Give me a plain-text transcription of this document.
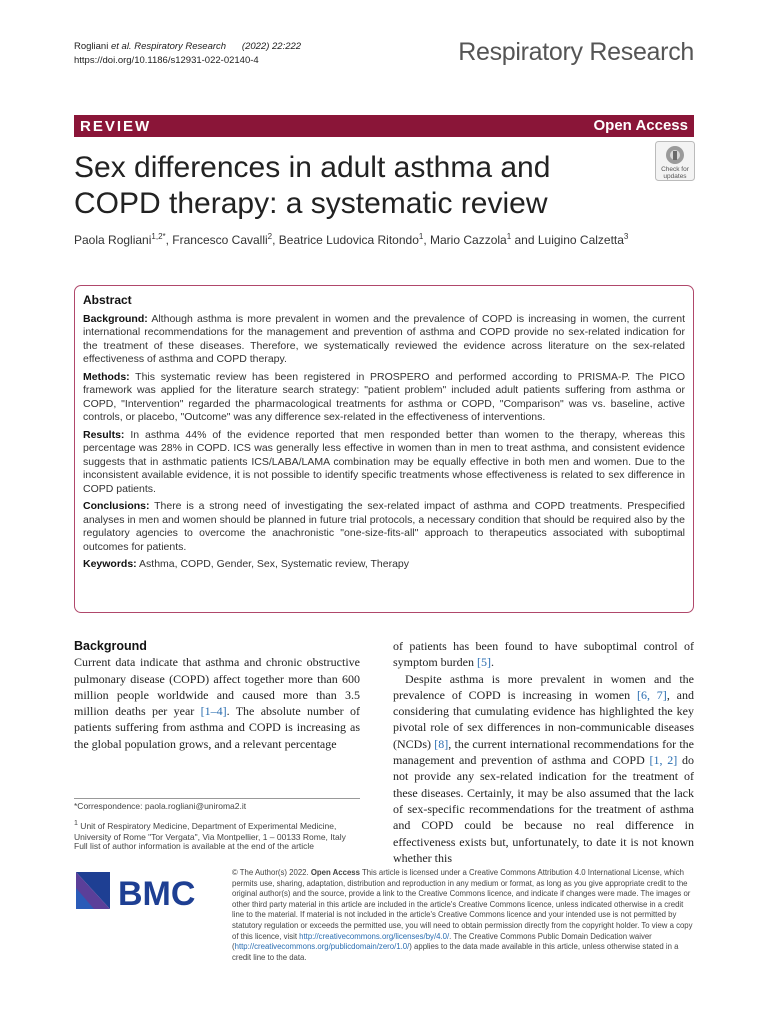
Rogliani et al. Respiratory Research (2022) 22:222
https://doi.org/10.1186/s12931-022-02140-4	Respiratory Research
REVIEW	Open Access
Sex differences in adult asthma and COPD therapy: a systematic review
Check for
updates
Paola Rogliani$^{1,2*}$, Francesco Cavalli$^2$, Beatrice Ludovica Ritondo$^1$, Mario Cazzola$^1$ and Luigino Calzetta$^3$
Abstract

Background: Although asthma is more prevalent in women and the prevalence of COPD is increasing in women, the current international recommendations for the management and prevention of asthma and COPD provide no sex-related indication for the treatment of these diseases. Therefore, we systematically reviewed the evidence across literature on the sex-related effectiveness of asthma and COPD therapy.

Methods: This systematic review has been registered in PROSPERO and performed according to PRISMA-P. The PICO framework was applied for the literature search strategy: "patient problem" included adult patients suffering from asthma or COPD, "Intervention" regarded the pharmacological treatments for asthma or COPD, "Comparison" was vs. baseline, active controls, or placebo, "Outcome" was any difference sex-related in the effectiveness of interventions.

Results: In asthma 44% of the evidence reported that men responded better than women to the therapy, whereas this percentage was 28% in COPD. ICS was generally less effective in women than in men to treat asthma, and consistent evidence suggests that in asthmatic patients ICS/LABA/LAMA combination may be equally effective in both men and women. Due to the inconsistent available evidence, it is not possible to identify specific treatments whose effectiveness is related to sex difference in COPD patients.

Conclusions: There is a strong need of investigating the sex-related impact of asthma and COPD treatments. Prespecified analyses in men and women should be planned in future trial protocols, a necessary condition that should be required also by the regulatory agencies to overcome the anachronistic "one-size-fits-all" approach to therapeutics associated with suboptimal outcomes for patients.

Keywords: Asthma, COPD, Gender, Sex, Systematic review, Therapy

Background

Current data indicate that asthma and chronic obstructive pulmonary disease (COPD) affect together more than 600 million people worldwide and caused more than 3.5 million deaths per year [1–4]. The absolute number of patients suffering from asthma and COPD is increasing as the global population grows, and a relevant percentage

of patients has been found to have suboptimal control of symptom burden [5].

Despite asthma is more prevalent in women and the prevalence of COPD is increasing in women [6, 7], and considering that cumulating evidence has highlighted the key pivotal role of sex differences in non-communicable diseases (NCDs) [8], the current international recommendations for the management and prevention of asthma and COPD [1, 2] do not provide any sex-related indication for the treatment of these diseases. Certainly, it may be also assumed that the lack of sex-specific recommendations for the treatment of asthma and COPD could be because no real difference in effectiveness exists but, unfortunately, to date it is not known whether this

*Correspondence: paola.rogliani@uniroma2.it
$^1$ Unit of Respiratory Medicine, Department of Experimental Medicine, University of Rome "Tor Vergata", Via Montpellier, 1 – 00133 Rome, Italy
Full list of author information is available at the end of the article
BMC
© The Author(s) 2022. Open Access This article is licensed under a Creative Commons Attribution 4.0 International License, which permits use, sharing, adaptation, distribution and reproduction in any medium or format, as long as you give appropriate credit to the original author(s) and the source, provide a link to the Creative Commons licence, and indicate if changes were made. The images or other third party material in this article are included in the article's Creative Commons licence, unless indicated otherwise in a credit line to the material. If material is not included in the article's Creative Commons licence and your intended use is not permitted by statutory regulation or exceeds the permitted use, you will need to obtain permission directly from the copyright holder. To view a copy of this licence, visit http://creativecommons.org/licenses/by/4.0/. The Creative Commons Public Domain Dedication waiver (http://creativecommons.org/publicdomain/zero/1.0/) applies to the data made available in this article, unless otherwise stated in a credit line to the data.
